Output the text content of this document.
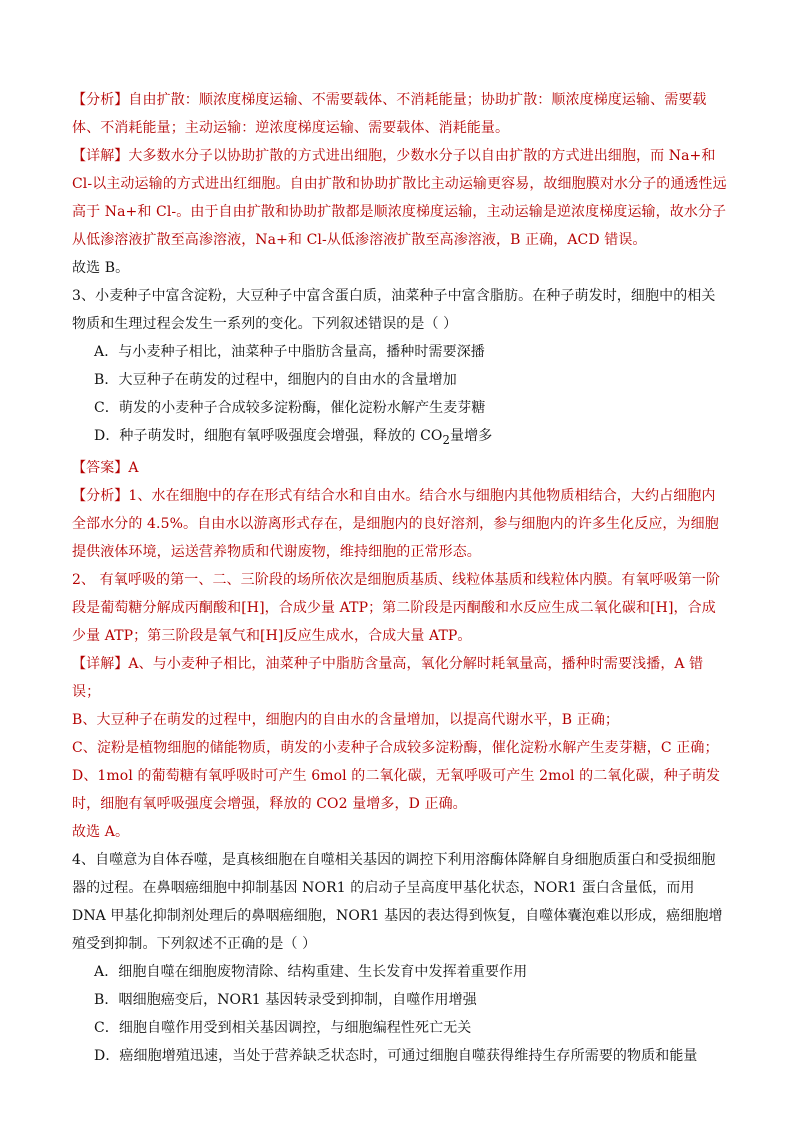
【分析】自由扩散：顺浓度梯度运输、不需要载体、不消耗能量；协助扩散：顺浓度梯度运输、需要载体、不消耗能量；主动运输：逆浓度梯度运输、需要载体、消耗能量。

【详解】大多数水分子以协助扩散的方式进出细胞，少数水分子以自由扩散的方式进出细胞，而 Na+和 Cl-以主动运输的方式进出红细胞。自由扩散和协助扩散比主动运输更容易，故细胞膜对水分子的通透性远高于 Na+和 Cl-。由于自由扩散和协助扩散都是顺浓度梯度运输，主动运输是逆浓度梯度运输，故水分子从低渗溶液扩散至高渗溶液，Na+和 Cl-从低渗溶液扩散至高渗溶液，B 正确，ACD 错误。

故选 B。

3、小麦种子中富含淀粉，大豆种子中富含蛋白质，油菜种子中富含脂肪。在种子萌发时，细胞中的相关物质和生理过程会发生一系列的变化。下列叙述错误的是（ ）

A．与小麦种子相比，油菜种子中脂肪含量高，播种时需要深播

B．大豆种子在萌发的过程中，细胞内的自由水的含量增加

C．萌发的小麦种子合成较多淀粉酶，催化淀粉水解产生麦芽糖

D．种子萌发时，细胞有氧呼吸强度会增强，释放的 $CO_2$量增多

【答案】A

【分析】1、水在细胞中的存在形式有结合水和自由水。结合水与细胞内其他物质相结合，大约占细胞内全部水分的 4.5%。自由水以游离形式存在，是细胞内的良好溶剂，参与细胞内的许多生化反应，为细胞提供液体环境，运送营养物质和代谢废物，维持细胞的正常形态。

2、 有氧呼吸的第一、二、三阶段的场所依次是细胞质基质、线粒体基质和线粒体内膜。有氧呼吸第一阶段是葡萄糖分解成丙酮酸和[H]，合成少量 ATP；第二阶段是丙酮酸和水反应生成二氧化碳和[H]，合成少量 ATP；第三阶段是氧气和[H]反应生成水，合成大量 ATP。

【详解】A、与小麦种子相比，油菜种子中脂肪含量高，氧化分解时耗氧量高，播种时需要浅播，A 错误；

B、大豆种子在萌发的过程中，细胞内的自由水的含量增加，以提高代谢水平，B 正确；

C、淀粉是植物细胞的储能物质，萌发的小麦种子合成较多淀粉酶，催化淀粉水解产生麦芽糖，C 正确；

D、1mol 的葡萄糖有氧呼吸时可产生 6mol 的二氧化碳，无氧呼吸可产生 2mol 的二氧化碳，种子萌发时，细胞有氧呼吸强度会增强，释放的 CO2 量增多，D 正确。

故选 A。

4、自噬意为自体吞噬，是真核细胞在自噬相关基因的调控下利用溶酶体降解自身细胞质蛋白和受损细胞器的过程。在鼻咽癌细胞中抑制基因 NOR1 的启动子呈高度甲基化状态，NOR1 蛋白含量低，而用 DNA 甲基化抑制剂处理后的鼻咽癌细胞，NOR1 基因的表达得到恢复，自噬体囊泡难以形成，癌细胞增殖受到抑制。下列叙述不正确的是（ ）

A．细胞自噬在细胞废物清除、结构重建、生长发育中发挥着重要作用

B．咽细胞癌变后，NOR1 基因转录受到抑制，自噬作用增强

C．细胞自噬作用受到相关基因调控，与细胞编程性死亡无关

D．癌细胞增殖迅速，当处于营养缺乏状态时，可通过细胞自噬获得维持生存所需要的物质和能量
